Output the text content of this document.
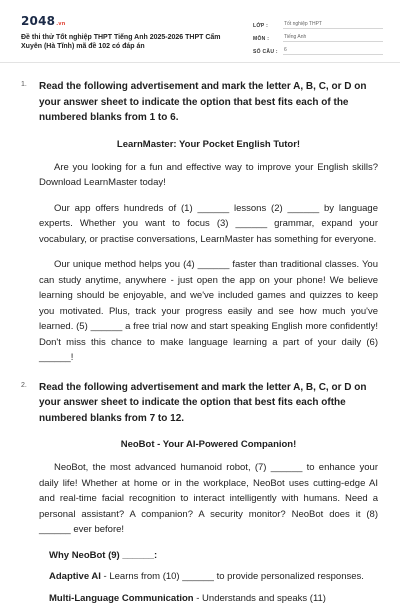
2048.vn
Đề thi thử Tốt nghiệp THPT Tiếng Anh 2025-2026 THPT Cẩm Xuyên (Hà Tĩnh) mã đề 102 có đáp án
LỚP :	Tốt nghiệp THPT
MÔN :	Tiếng Anh
SỐ CÂU :	6
1. Read the following advertisement and mark the letter A, B, C, or D on your answer sheet to indicate the option that best fits each of the numbered blanks from 1 to 6.
LearnMaster: Your Pocket English Tutor!

Are you looking for a fun and effective way to improve your English skills? Download LearnMaster today!

Our app offers hundreds of (1) ______ lessons (2) ______ by language experts. Whether you want to focus (3) ______ grammar, expand your vocabulary, or practise conversations, LearnMaster has something for everyone.

Our unique method helps you (4) ______ faster than traditional classes. You can study anytime, anywhere - just open the app on your phone! We believe learning should be enjoyable, and we've included games and quizzes to keep you motivated. Plus, track your progress easily and see how much you've learned. (5) ______ a free trial now and start speaking English more confidently! Don't miss this chance to make language learning a part of your daily (6) ______!

2. Read the following advertisement and mark the letter A, B, C, or D on your answer sheet to indicate the option that best fits each ofthe numbered blanks from 7 to 12.
NeoBot - Your AI-Powered Companion!

NeoBot, the most advanced humanoid robot, (7) ______ to enhance your daily life! Whether at home or in the workplace, NeoBot uses cutting-edge AI and real-time facial recognition to interact intelligently with humans. Need a personal assistant? A companion? A security monitor? NeoBot does it (8) ______ ever before!

Why NeoBot (9) ______:
Adaptive AI - Learns from (10) ______ to provide personalized responses.
Multi-Language Communication - Understands and speaks (11)
